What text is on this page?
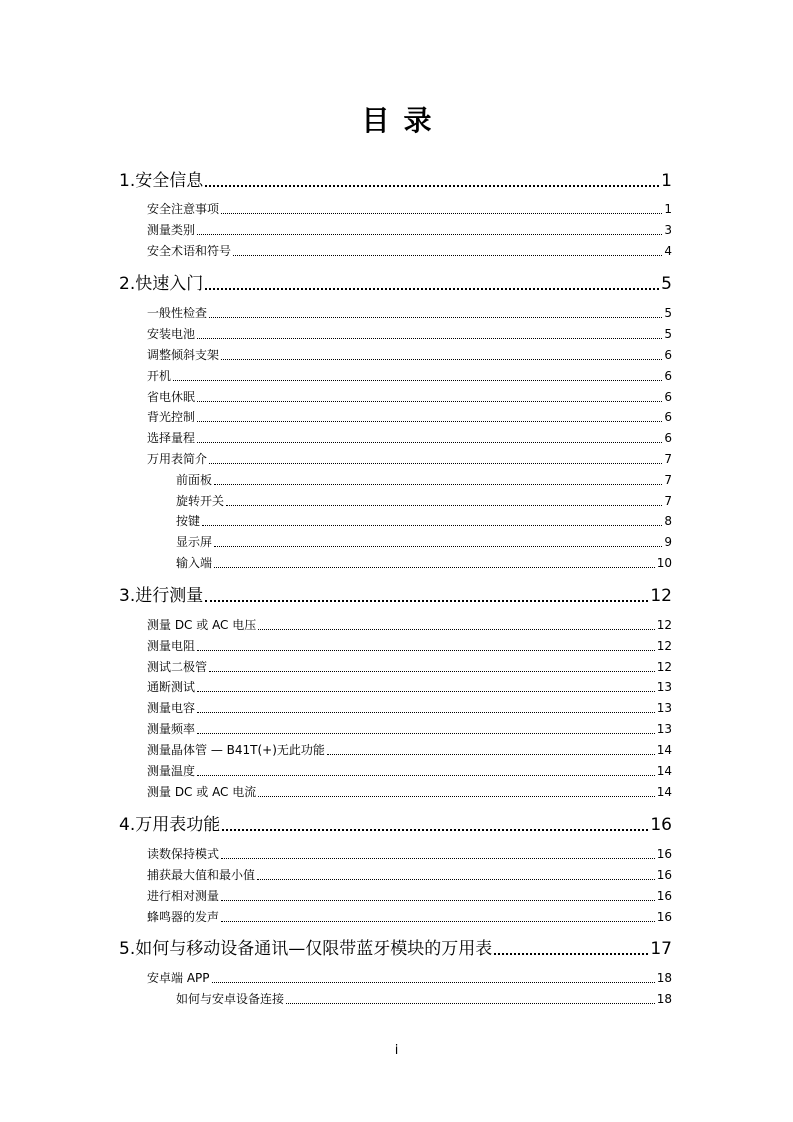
目录
1.安全信息	1
安全注意事项	1
测量类别	3
安全术语和符号	4
2.快速入门	5
一般性检查	5
安装电池	5
调整倾斜支架	6
开机	6
省电休眠	6
背光控制	6
选择量程	6
万用表简介	7
前面板	7
旋转开关	7
按键	8
显示屏	9
输入端	10
3.进行测量	12
测量 DC 或 AC 电压	12
测量电阻	12
测试二极管	12
通断测试	13
测量电容	13
测量频率	13
测量晶体管 — B41T(+)无此功能	14
测量温度	14
测量 DC 或 AC 电流	14
4.万用表功能	16
读数保持模式	16
捕获最大值和最小值	16
进行相对测量	16
蜂鸣器的发声	16
5.如何与移动设备通讯—仅限带蓝牙模块的万用表	17
安卓端 APP	18
如何与安卓设备连接	18
i
